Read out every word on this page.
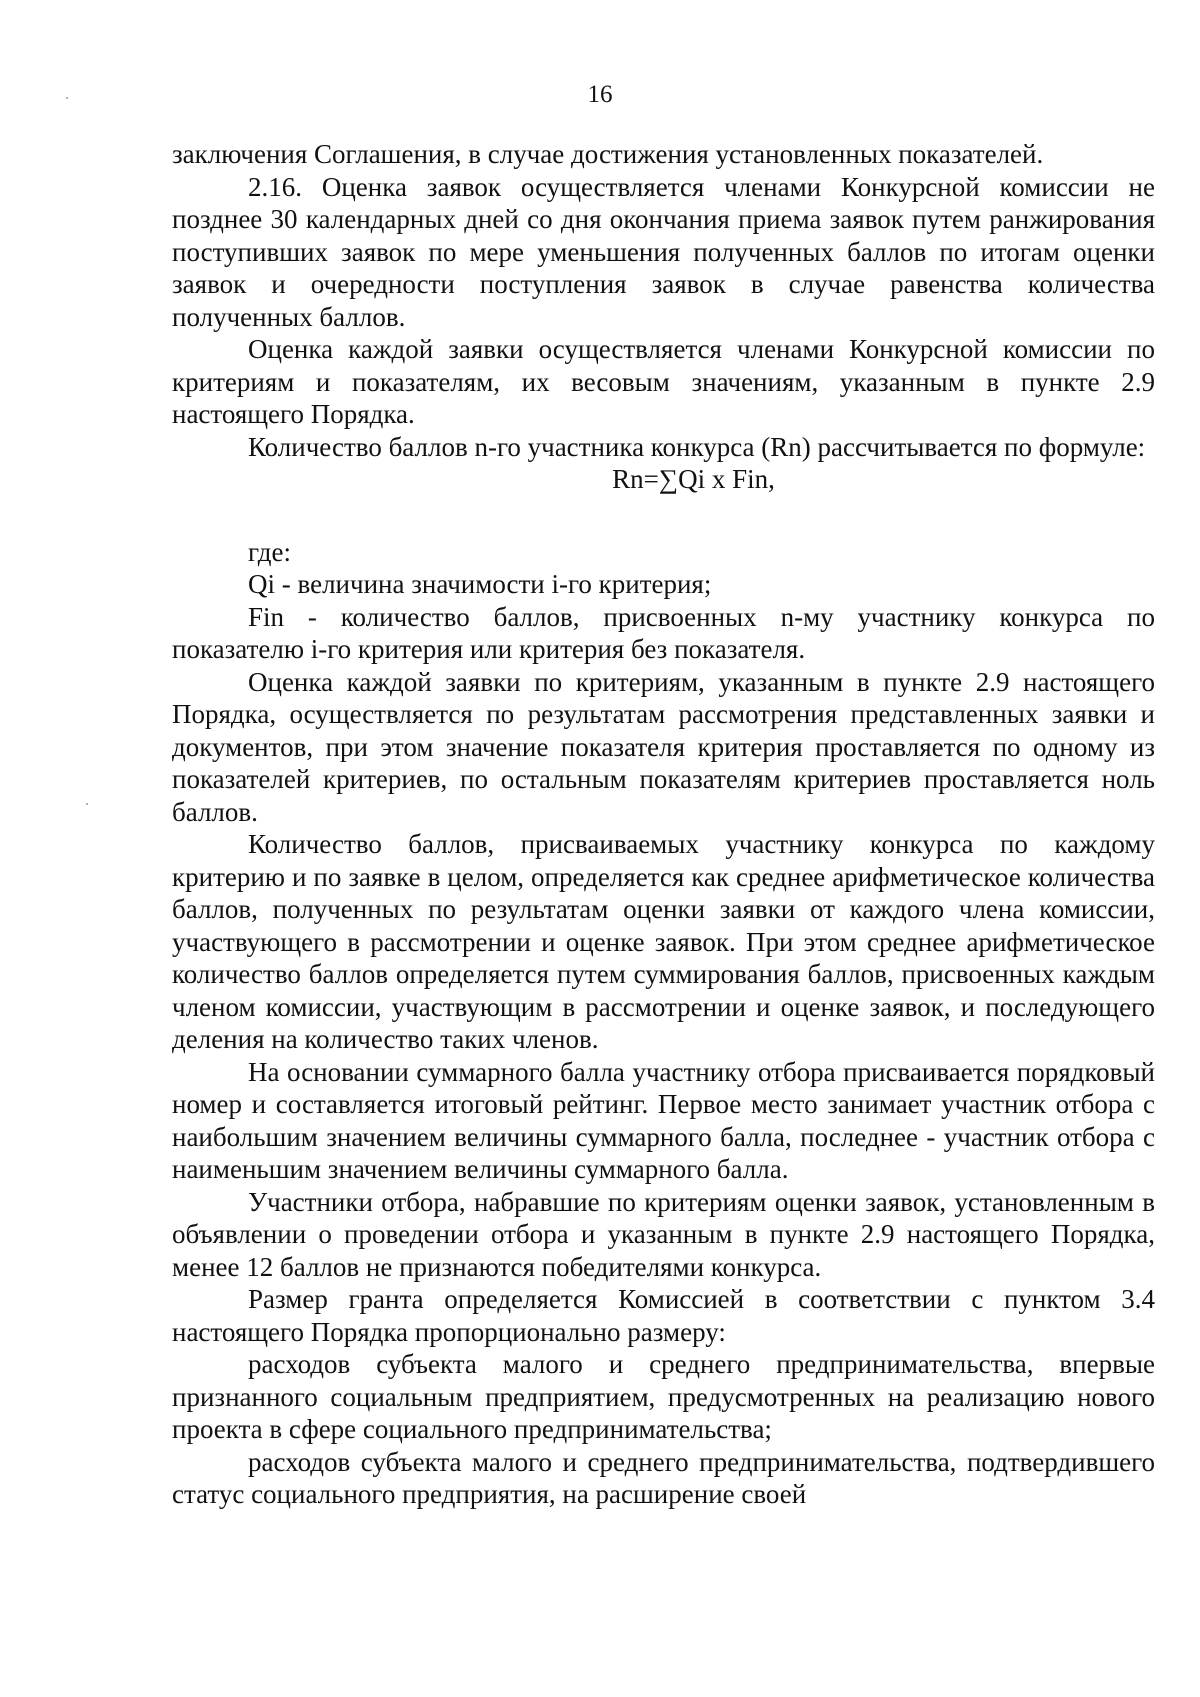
16

заключения Соглашения, в случае достижения установленных показателей.

2.16. Оценка заявок осуществляется членами Конкурсной комиссии не позднее 30 календарных дней со дня окончания приема заявок путем ранжирования поступивших заявок по мере уменьшения полученных баллов по итогам оценки заявок и очередности поступления заявок в случае равенства количества полученных баллов.

Оценка каждой заявки осуществляется членами Конкурсной комиссии по критериям и показателям, их весовым значениям, указанным в пункте 2.9 настоящего Порядка.

Количество баллов n-го участника конкурса (Rn) рассчитывается по формуле:

Rn=∑Qi x Fin,

где:

Qi - величина значимости i-го критерия;

Fin - количество баллов, присвоенных n-му участнику конкурса по показателю i-го критерия или критерия без показателя.

Оценка каждой заявки по критериям, указанным в пункте 2.9 настоящего Порядка, осуществляется по результатам рассмотрения представленных заявки и документов, при этом значение показателя критерия проставляется по одному из показателей критериев, по остальным показателям критериев проставляется ноль баллов.

Количество баллов, присваиваемых участнику конкурса по каждому критерию и по заявке в целом, определяется как среднее арифметическое количества баллов, полученных по результатам оценки заявки от каждого члена комиссии, участвующего в рассмотрении и оценке заявок. При этом среднее арифметическое количество баллов определяется путем суммирования баллов, присвоенных каждым членом комиссии, участвующим в рассмотрении и оценке заявок, и последующего деления на количество таких членов.

На основании суммарного балла участнику отбора присваивается порядковый номер и составляется итоговый рейтинг. Первое место занимает участник отбора с наибольшим значением величины суммарного балла, последнее - участник отбора с наименьшим значением величины суммарного балла.

Участники отбора, набравшие по критериям оценки заявок, установленным в объявлении о проведении отбора и указанным в пункте 2.9 настоящего Порядка, менее 12 баллов не признаются победителями конкурса.

Размер гранта определяется Комиссией в соответствии с пунктом 3.4 настоящего Порядка пропорционально размеру:

расходов субъекта малого и среднего предпринимательства, впервые признанного социальным предприятием, предусмотренных на реализацию нового проекта в сфере социального предпринимательства;

расходов субъекта малого и среднего предпринимательства, подтвердившего статус социального предприятия, на расширение своей
